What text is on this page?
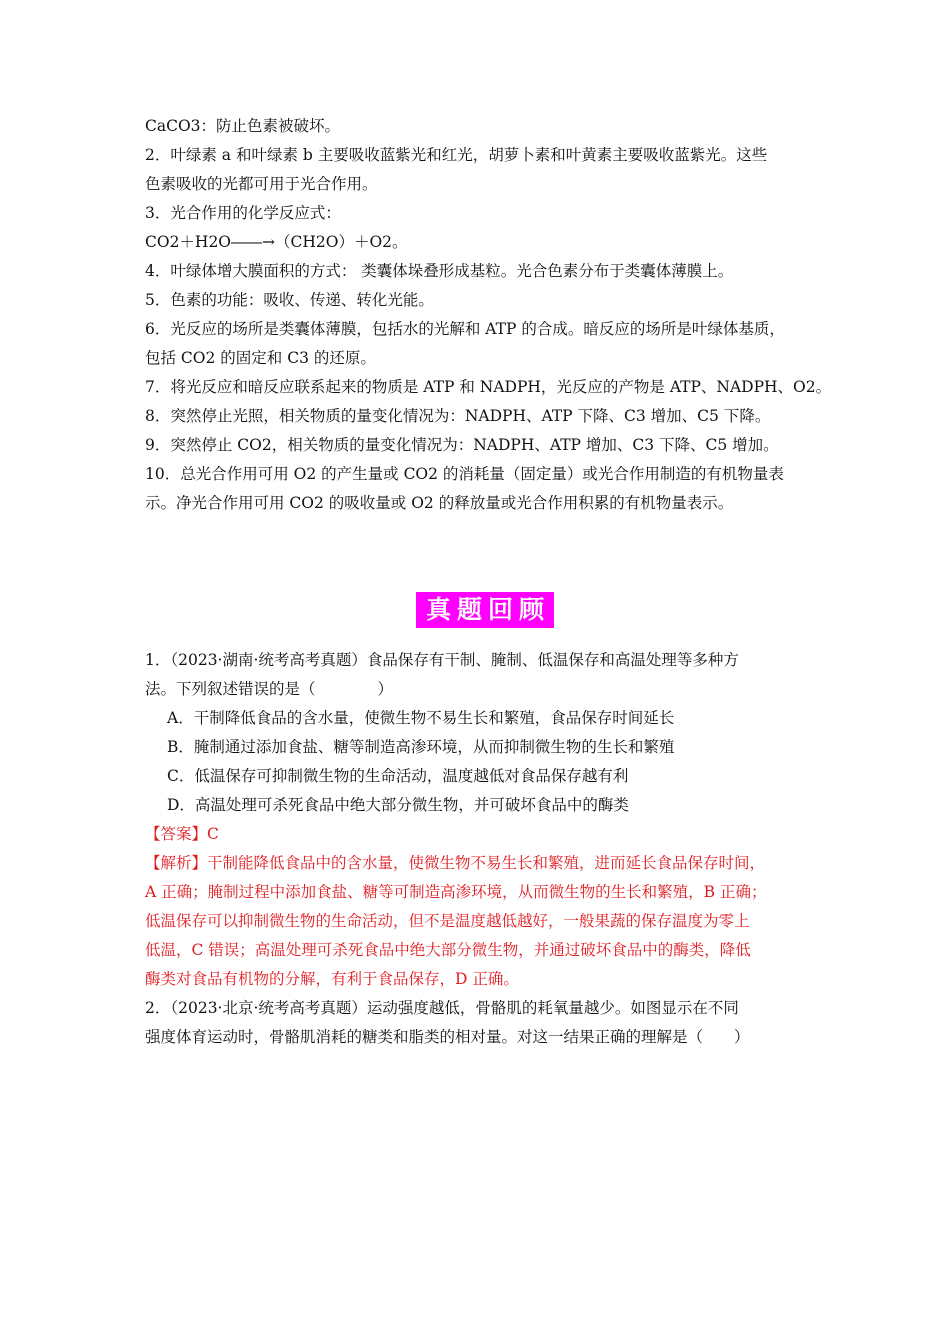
CaCO3：防止色素被破坏。
2．叶绿素 a 和叶绿素 b 主要吸收蓝紫光和红光，胡萝卜素和叶黄素主要吸收蓝紫光。这些
色素吸收的光都可用于光合作用。
3．光合作用的化学反应式：
CO2＋H2O――→（CH2O）＋O2。
4．叶绿体增大膜面积的方式： 类囊体垛叠形成基粒。光合色素分布于类囊体薄膜上。
5．色素的功能：吸收、传递、转化光能。
6．光反应的场所是类囊体薄膜，包括水的光解和 ATP 的合成。暗反应的场所是叶绿体基质，
包括 CO2 的固定和 C3 的还原。
7．将光反应和暗反应联系起来的物质是 ATP 和 NADPH，光反应的产物是 ATP、NADPH、O2。
8．突然停止光照，相关物质的量变化情况为：NADPH、ATP 下降、C3 增加、C5 下降。
9．突然停止 CO2，相关物质的量变化情况为：NADPH、ATP 增加、C3 下降、C5 增加。
10．总光合作用可用 O2 的产生量或 CO2 的消耗量（固定量）或光合作用制造的有机物量表
示。净光合作用可用 CO2 的吸收量或 O2 的释放量或光合作用积累的有机物量表示。
真题回顾
1．（2023·湖南·统考高考真题）食品保存有干制、腌制、低温保存和高温处理等多种方
法。下列叙述错误的是（　　　　）
A．干制降低食品的含水量，使微生物不易生长和繁殖，食品保存时间延长
B．腌制通过添加食盐、糖等制造高渗环境，从而抑制微生物的生长和繁殖
C．低温保存可抑制微生物的生命活动，温度越低对食品保存越有利
D．高温处理可杀死食品中绝大部分微生物，并可破坏食品中的酶类
【答案】C
【解析】干制能降低食品中的含水量，使微生物不易生长和繁殖，进而延长食品保存时间，
A 正确；腌制过程中添加食盐、糖等可制造高渗环境，从而微生物的生长和繁殖，B 正确；
低温保存可以抑制微生物的生命活动，但不是温度越低越好，一般果蔬的保存温度为零上
低温，C 错误；高温处理可杀死食品中绝大部分微生物，并通过破坏食品中的酶类，降低
酶类对食品有机物的分解，有利于食品保存，D 正确。
2．（2023·北京·统考高考真题）运动强度越低，骨骼肌的耗氧量越少。如图显示在不同
强度体育运动时，骨骼肌消耗的糖类和脂类的相对量。对这一结果正确的理解是（　　）
